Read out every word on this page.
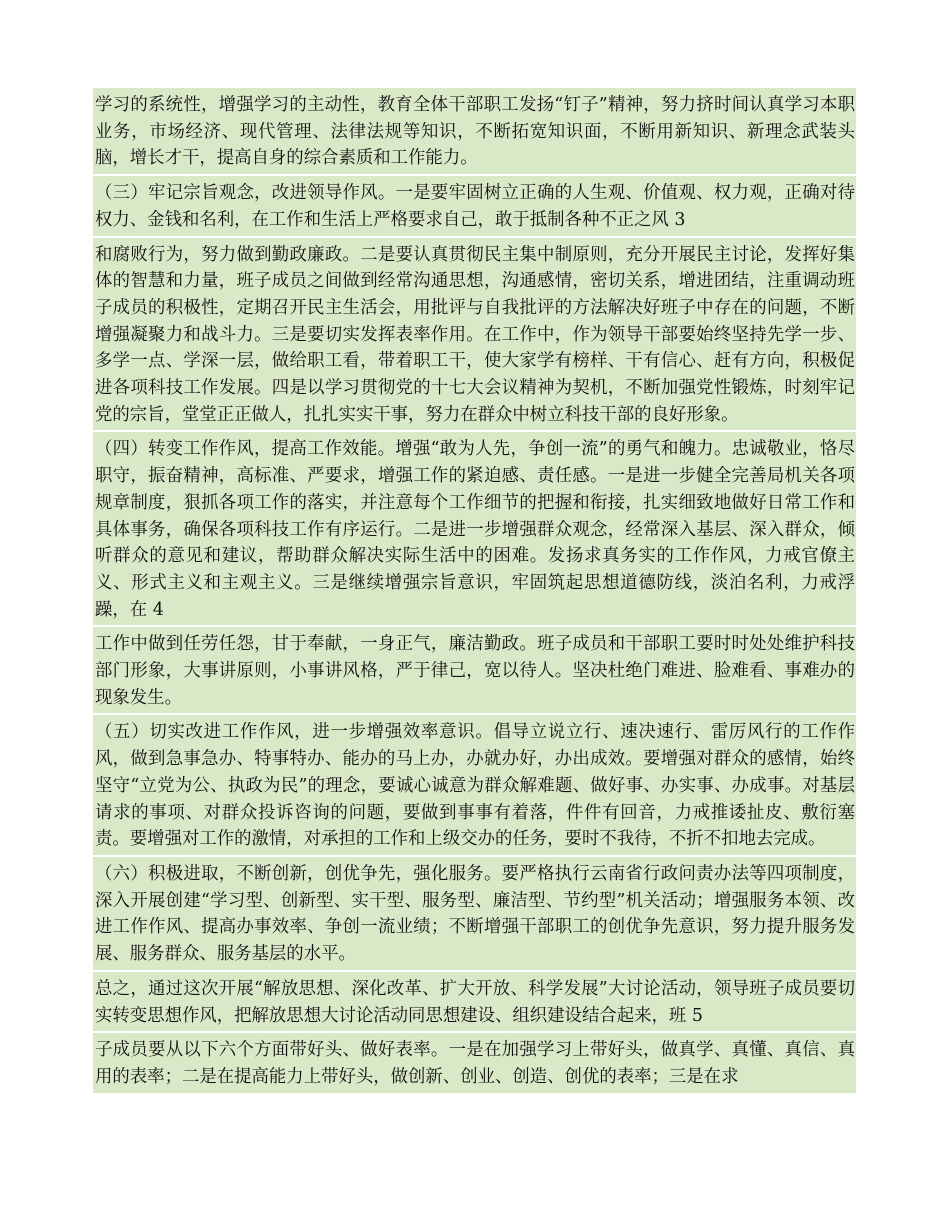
学习的系统性，增强学习的主动性，教育全体干部职工发扬“钉子”精神，努力挤时间认真学习本职业务，市场经济、现代管理、法律法规等知识，不断拓宽知识面，不断用新知识、新理念武装头脑，增长才干，提高自身的综合素质和工作能力。

（三）牢记宗旨观念，改进领导作风。一是要牢固树立正确的人生观、价值观、权力观，正确对待权力、金钱和名利，在工作和生活上严格要求自己，敢于抵制各种不正之风 3

和腐败行为，努力做到勤政廉政。二是要认真贯彻民主集中制原则，充分开展民主讨论，发挥好集体的智慧和力量，班子成员之间做到经常沟通思想，沟通感情，密切关系，增进团结，注重调动班子成员的积极性，定期召开民主生活会，用批评与自我批评的方法解决好班子中存在的问题，不断增强凝聚力和战斗力。三是要切实发挥表率作用。在工作中，作为领导干部要始终坚持先学一步、多学一点、学深一层，做给职工看，带着职工干，使大家学有榜样、干有信心、赶有方向，积极促进各项科技工作发展。四是以学习贯彻党的十七大会议精神为契机，不断加强党性锻炼，时刻牢记党的宗旨，堂堂正正做人，扎扎实实干事，努力在群众中树立科技干部的良好形象。

（四）转变工作作风，提高工作效能。增强“敢为人先，争创一流”的勇气和魄力。忠诚敬业，恪尽职守，振奋精神，高标准、严要求，增强工作的紧迫感、责任感。一是进一步健全完善局机关各项规章制度，狠抓各项工作的落实，并注意每个工作细节的把握和衔接，扎实细致地做好日常工作和具体事务，确保各项科技工作有序运行。二是进一步增强群众观念，经常深入基层、深入群众，倾听群众的意见和建议，帮助群众解决实际生活中的困难。发扬求真务实的工作作风，力戒官僚主义、形式主义和主观主义。三是继续增强宗旨意识，牢固筑起思想道德防线，淡泊名利，力戒浮躁，在 4

工作中做到任劳任怨，甘于奉献，一身正气，廉洁勤政。班子成员和干部职工要时时处处维护科技部门形象，大事讲原则，小事讲风格，严于律己，宽以待人。坚决杜绝门难进、脸难看、事难办的现象发生。

（五）切实改进工作作风，进一步增强效率意识。倡导立说立行、速决速行、雷厉风行的工作作风，做到急事急办、特事特办、能办的马上办，办就办好，办出成效。要增强对群众的感情，始终坚守“立党为公、执政为民”的理念，要诚心诚意为群众解难题、做好事、办实事、办成事。对基层请求的事项、对群众投诉咨询的问题，要做到事事有着落，件件有回音，力戒推诿扯皮、敷衍塞责。要增强对工作的激情，对承担的工作和上级交办的任务，要时不我待，不折不扣地去完成。

（六）积极进取，不断创新，创优争先，强化服务。要严格执行云南省行政问责办法等四项制度，深入开展创建“学习型、创新型、实干型、服务型、廉洁型、节约型”机关活动；增强服务本领、改进工作作风、提高办事效率、争创一流业绩；不断增强干部职工的创优争先意识，努力提升服务发展、服务群众、服务基层的水平。

总之，通过这次开展“解放思想、深化改革、扩大开放、科学发展”大讨论活动，领导班子成员要切实转变思想作风，把解放思想大讨论活动同思想建设、组织建设结合起来，班 5

子成员要从以下六个方面带好头、做好表率。一是在加强学习上带好头，做真学、真懂、真信、真用的表率；二是在提高能力上带好头，做创新、创业、创造、创优的表率；三是在求
